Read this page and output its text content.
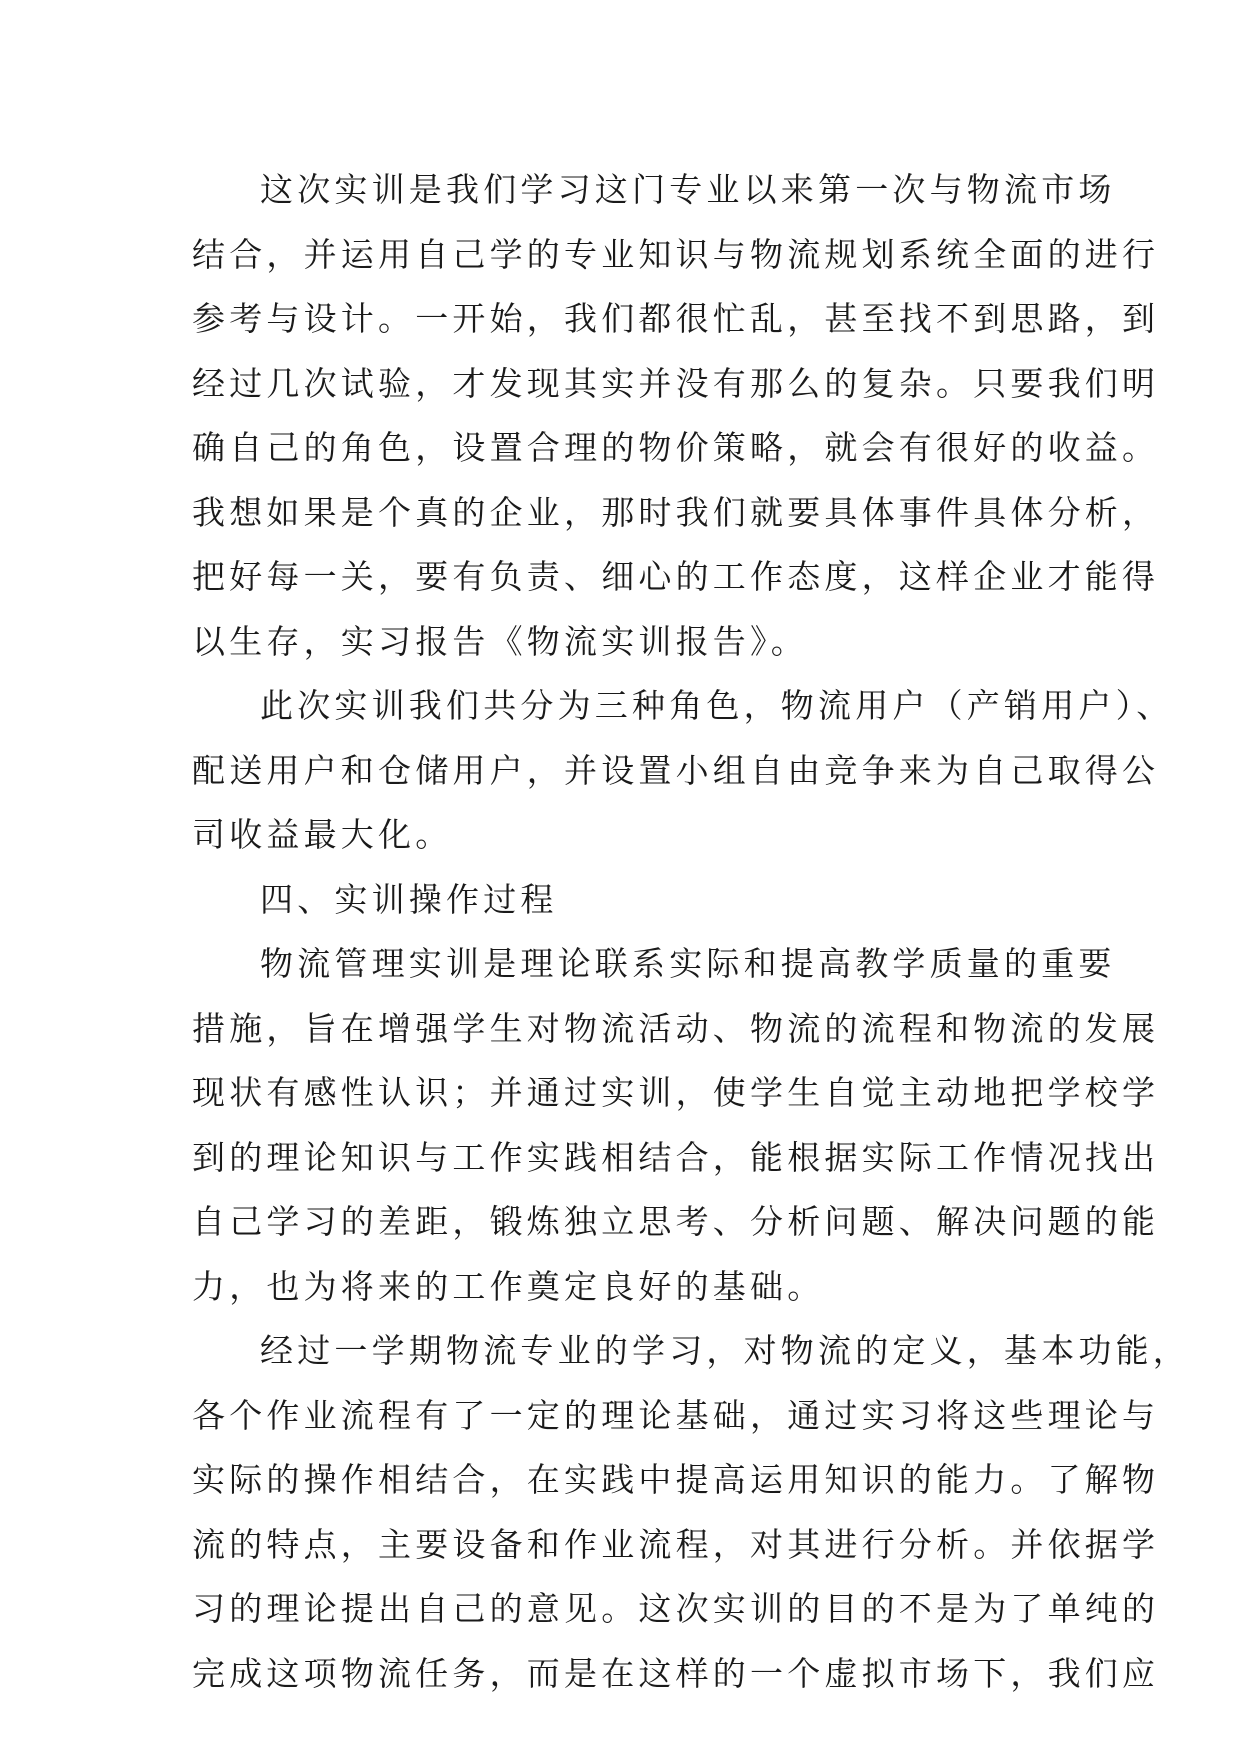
这次实训是我们学习这门专业以来第一次与物流市场
结合，并运用自己学的专业知识与物流规划系统全面的进行
参考与设计。一开始，我们都很忙乱，甚至找不到思路，到
经过几次试验，才发现其实并没有那么的复杂。只要我们明
确自己的角色，设置合理的物价策略，就会有很好的收益。
我想如果是个真的企业，那时我们就要具体事件具体分析，
把好每一关，要有负责、细心的工作态度，这样企业才能得
以生存，实习报告《物流实训报告》。
此次实训我们共分为三种角色，物流用户（产销用户）、
配送用户和仓储用户，并设置小组自由竞争来为自己取得公
司收益最大化。
四、实训操作过程
物流管理实训是理论联系实际和提高教学质量的重要
措施，旨在增强学生对物流活动、物流的流程和物流的发展
现状有感性认识；并通过实训，使学生自觉主动地把学校学
到的理论知识与工作实践相结合，能根据实际工作情况找出
自己学习的差距，锻炼独立思考、分析问题、解决问题的能
力，也为将来的工作奠定良好的基础。
经过一学期物流专业的学习，对物流的定义，基本功能，
各个作业流程有了一定的理论基础，通过实习将这些理论与
实际的操作相结合，在实践中提高运用知识的能力。了解物
流的特点，主要设备和作业流程，对其进行分析。并依据学
习的理论提出自己的意见。这次实训的目的不是为了单纯的
完成这项物流任务，而是在这样的一个虚拟市场下，我们应
